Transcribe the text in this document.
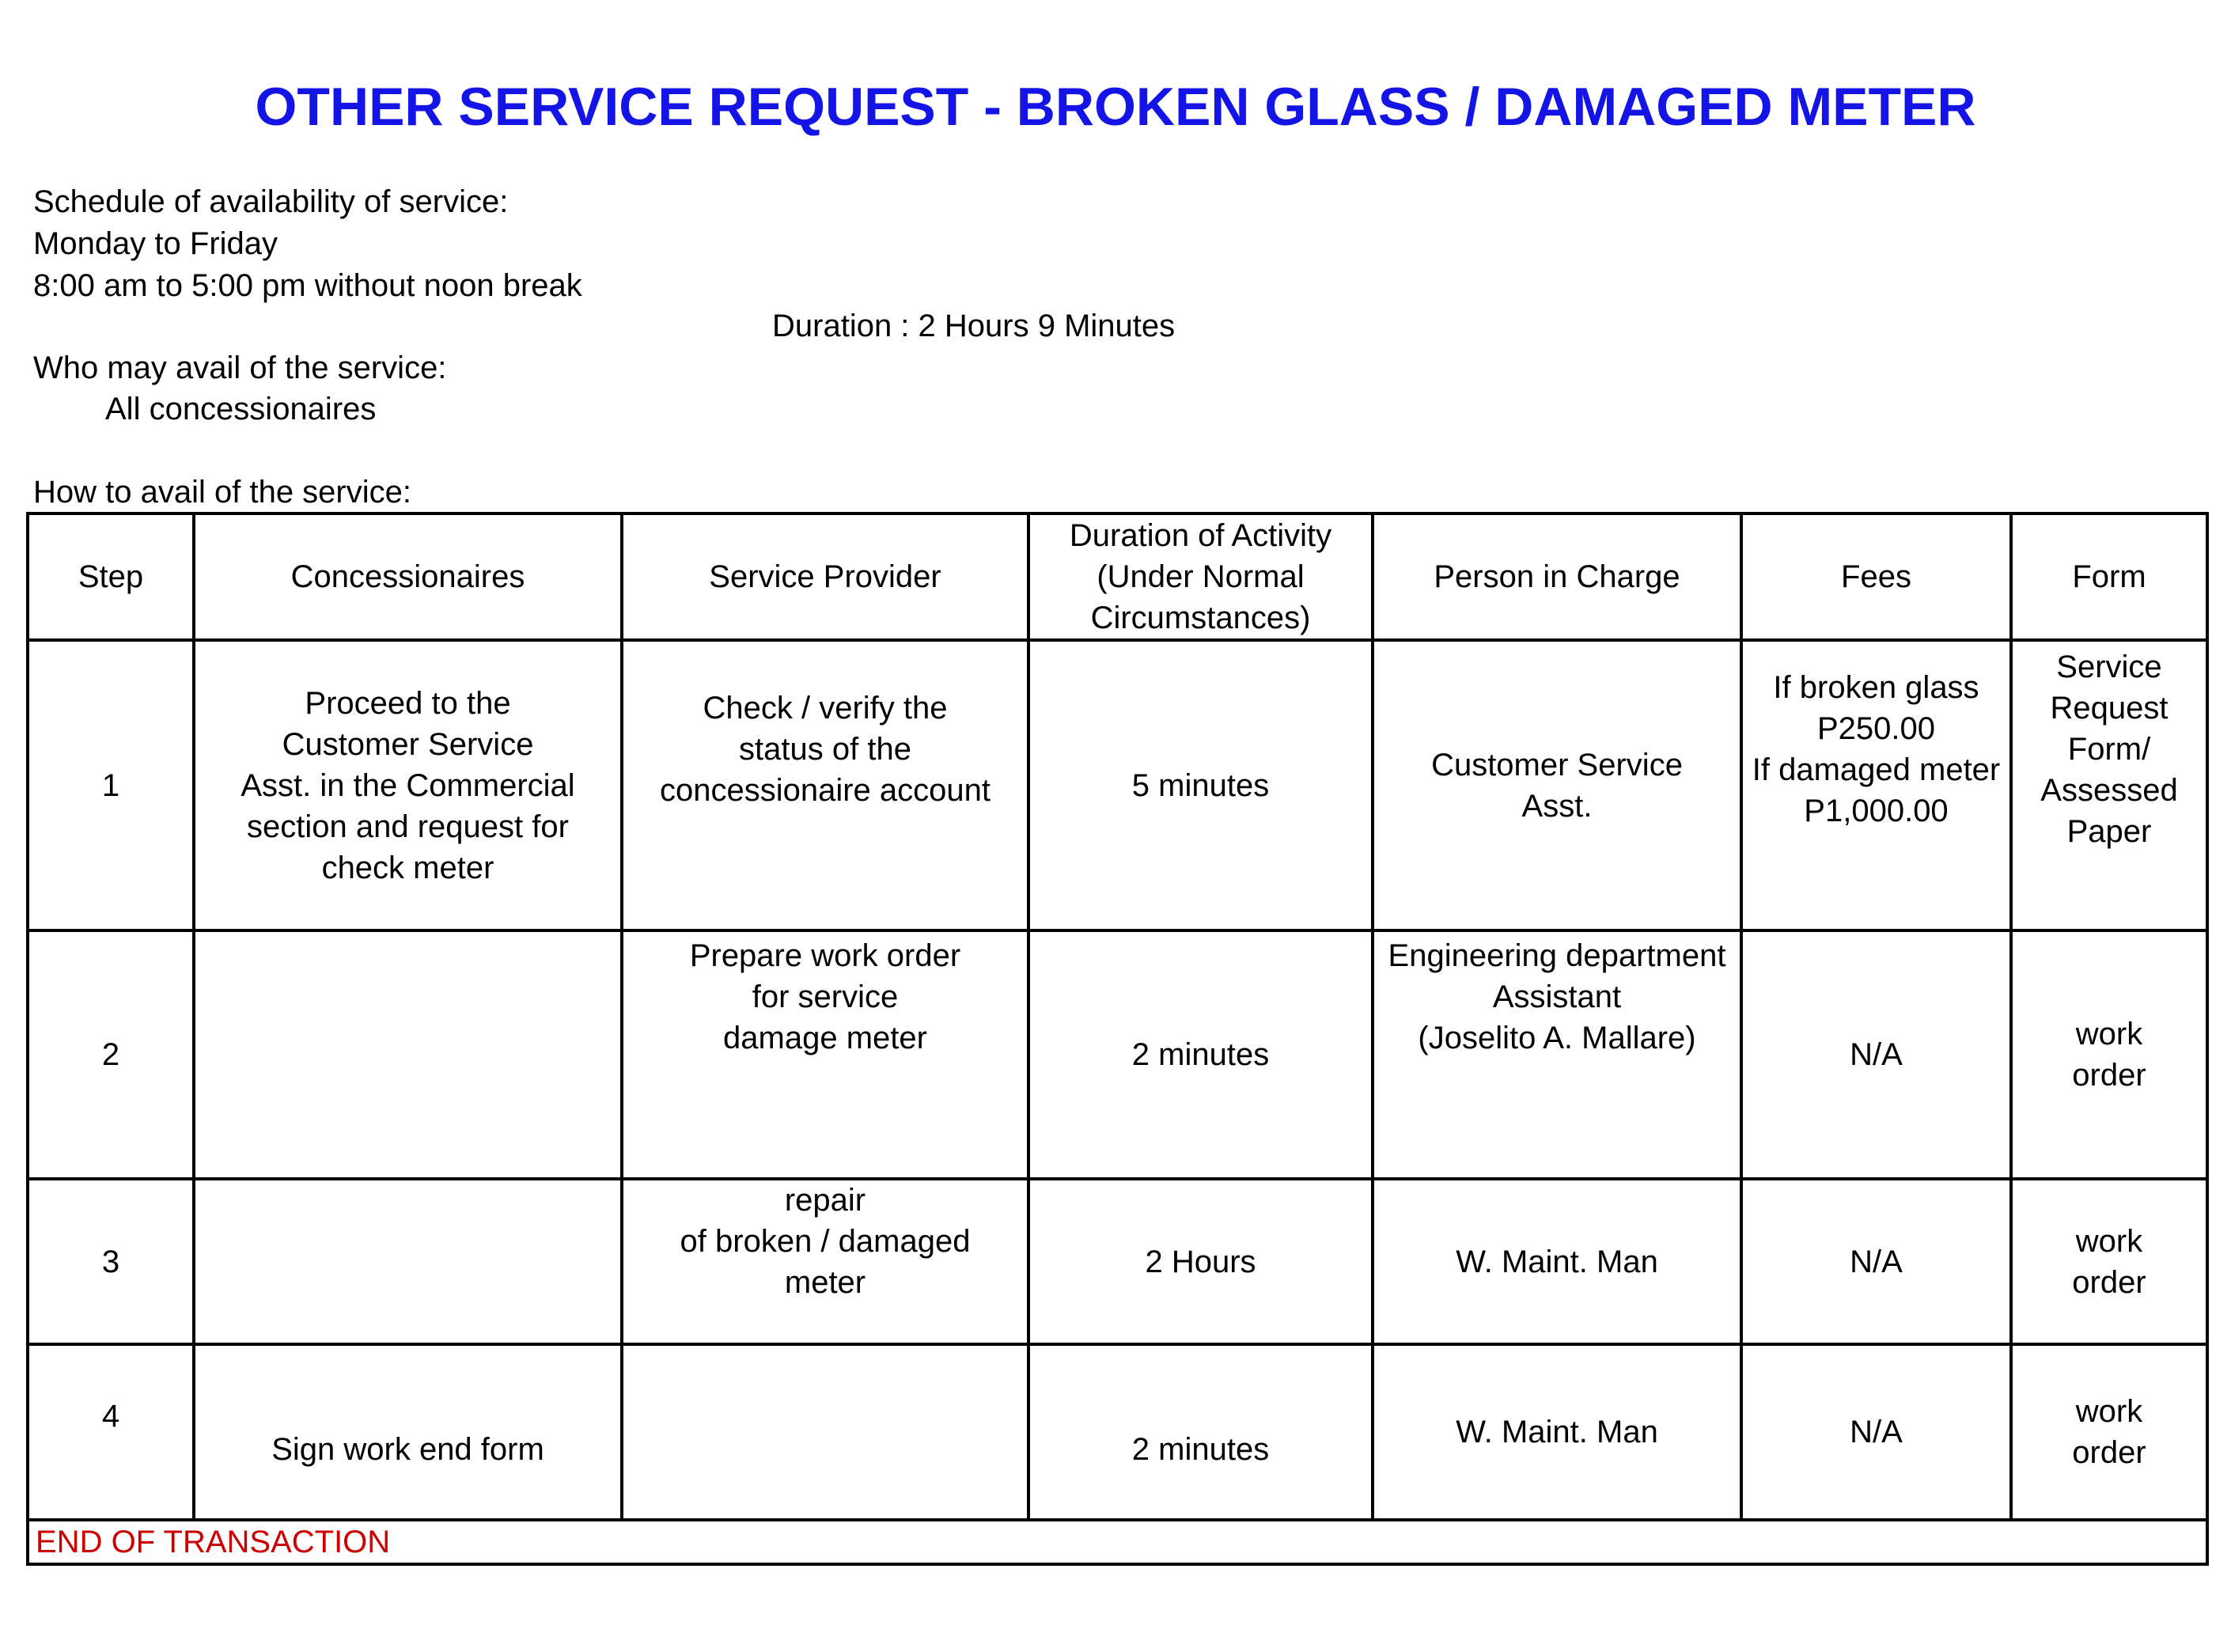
OTHER SERVICE REQUEST - BROKEN GLASS / DAMAGED METER
Schedule of availability of service:
Monday to Friday
8:00 am to 5:00 pm without noon break
Duration : 2 Hours 9 Minutes
Who may avail of the service:
All concessionaires
How to avail of the service:
Step	Concessionaires	Service Provider	Duration of Activity
(Under Normal
Circumstances)	Person in Charge	Fees	Form
1	Proceed to the
Customer Service
Asst. in the Commercial
section and request for
check meter	Check / verify the
status of the
concessionaire account	5 minutes	Customer Service
Asst.	If broken glass
P250.00
If damaged meter
P1,000.00	Service
Request
Form/
Assessed
Paper

2		Prepare work order
for service
damage meter	2 minutes	Engineering department
Assistant
(Joselito A. Mallare)	N/A	work
order

3		repair
of broken / damaged
meter	2 Hours	W. Maint. Man	N/A	work
order

4	Sign work end form		2 minutes	W. Maint. Man	N/A	work
order

END OF TRANSACTION						
